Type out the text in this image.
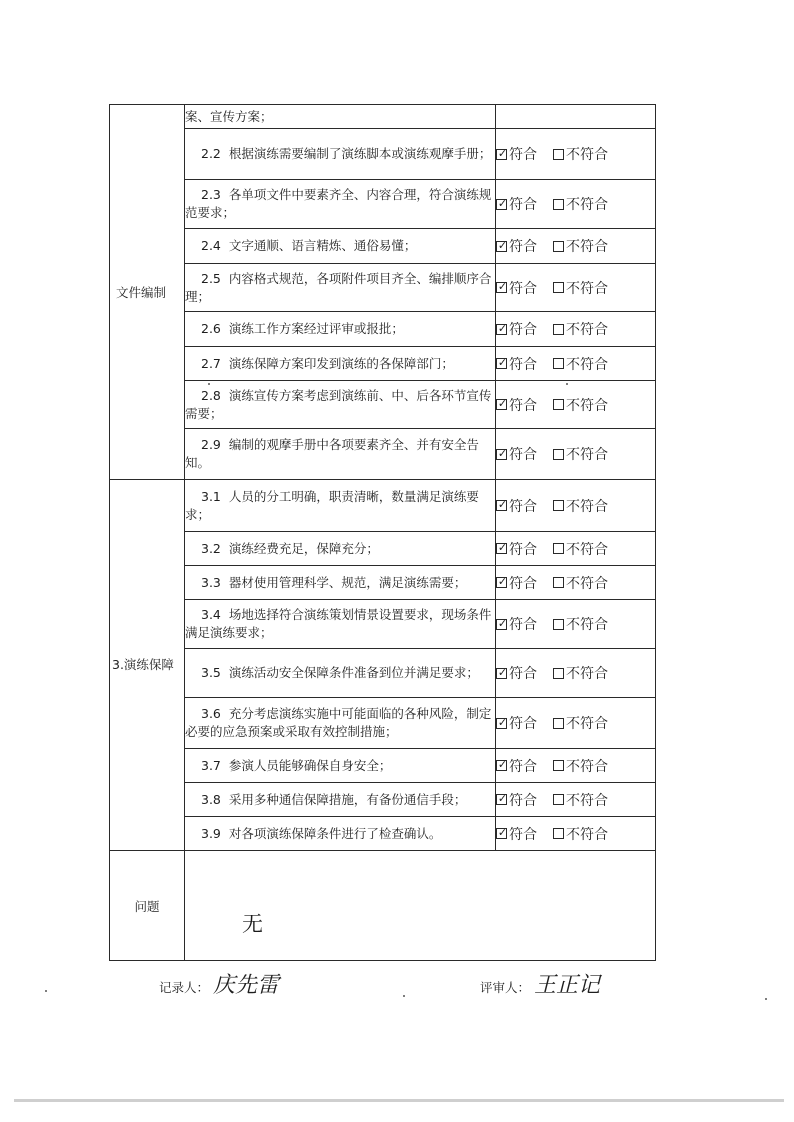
文件编制	案、宣传方案；	
	2.2 根据演练需要编制了演练脚本或演练观摩手册；	✓ 符合 不符合

	2.3 各单项文件中要素齐全、内容合理，符合演练规范要求；	✓ 符合 不符合

	2.4 文字通顺、语言精炼、通俗易懂；	✓ 符合 不符合

	2.5 内容格式规范，各项附件项目齐全、编排顺序合理；	✓ 符合 不符合

	2.6 演练工作方案经过评审或报批；	✓ 符合 不符合

	2.7 演练保障方案印发到演练的各保障部门；	✓ 符合 不符合

	2.8 演练宣传方案考虑到演练前、中、后各环节宣传需要；	✓ 符合 不符合

	2.9 编制的观摩手册中各项要素齐全、并有安全告知。	✓ 符合 不符合

3.演练保障	3.1 人员的分工明确，职责清晰，数量满足演练要求；	✓ 符合 不符合

	3.2 演练经费充足，保障充分；	✓ 符合 不符合

	3.3 器材使用管理科学、规范，满足演练需要；	✓ 符合 不符合

	3.4 场地选择符合演练策划情景设置要求，现场条件满足演练要求；	✓ 符合 不符合

	3.5 演练活动安全保障条件准备到位并满足要求；	✓ 符合 不符合

	3.6 充分考虑演练实施中可能面临的各种风险，制定必要的应急预案或采取有效控制措施；	✓ 符合 不符合

	3.7 参演人员能够确保自身安全；	✓ 符合 不符合

	3.8 采用多种通信保障措施，有备份通信手段；	✓ 符合 不符合

	3.9 对各项演练保障条件进行了检查确认。	✓ 符合 不符合

问题	无	
记录人： 庆先雷	评审人： 王正记
